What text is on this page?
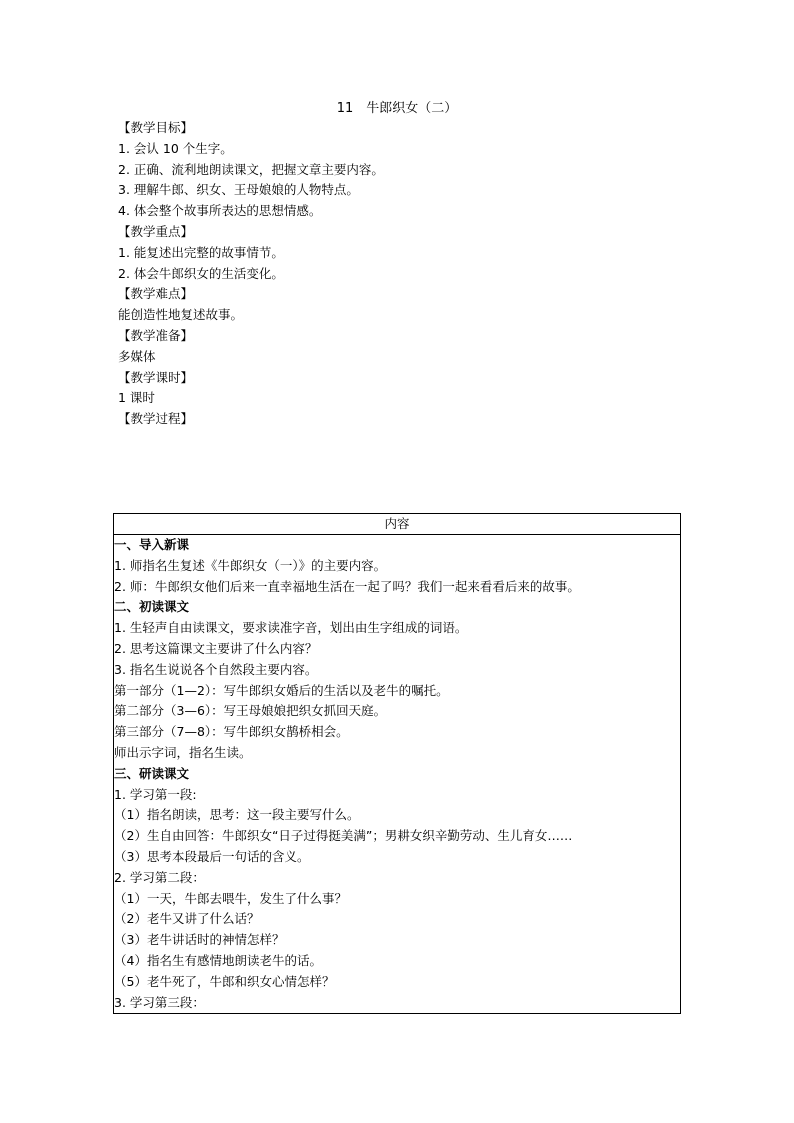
11　牛郎织女（二）
【教学目标】
1. 会认 10 个生字。
2. 正确、流利地朗读课文，把握文章主要内容。
3. 理解牛郎、织女、王母娘娘的人物特点。
4. 体会整个故事所表达的思想情感。
【教学重点】
1. 能复述出完整的故事情节。
2. 体会牛郎织女的生活变化。
【教学难点】
能创造性地复述故事。
【教学准备】
多媒体
【教学课时】
1 课时
【教学过程】
内容

一、导入新课
1. 师指名生复述《牛郎织女（一）》的主要内容。
2. 师：牛郎织女他们后来一直幸福地生活在一起了吗？我们一起来看看后来的故事。
二、初读课文
1. 生轻声自由读课文，要求读准字音，划出由生字组成的词语。
2. 思考这篇课文主要讲了什么内容？
3. 指名生说说各个自然段主要内容。
第一部分（1—2）：写牛郎织女婚后的生活以及老牛的嘱托。
第二部分（3—6）：写王母娘娘把织女抓回天庭。
第三部分（7—8）：写牛郎织女鹊桥相会。
师出示字词，指名生读。
三、研读课文
1. 学习第一段:
（1）指名朗读，思考：这一段主要写什么。
（2）生自由回答：牛郎织女“日子过得挺美满”；男耕女织辛勤劳动、生儿育女……
（3）思考本段最后一句话的含义。
2. 学习第二段：
（1）一天，牛郎去喂牛，发生了什么事？
（2）老牛又讲了什么话？
（3）老牛讲话时的神情怎样？
（4）指名生有感情地朗读老牛的话。
（5）老牛死了，牛郎和织女心情怎样？
3. 学习第三段：
